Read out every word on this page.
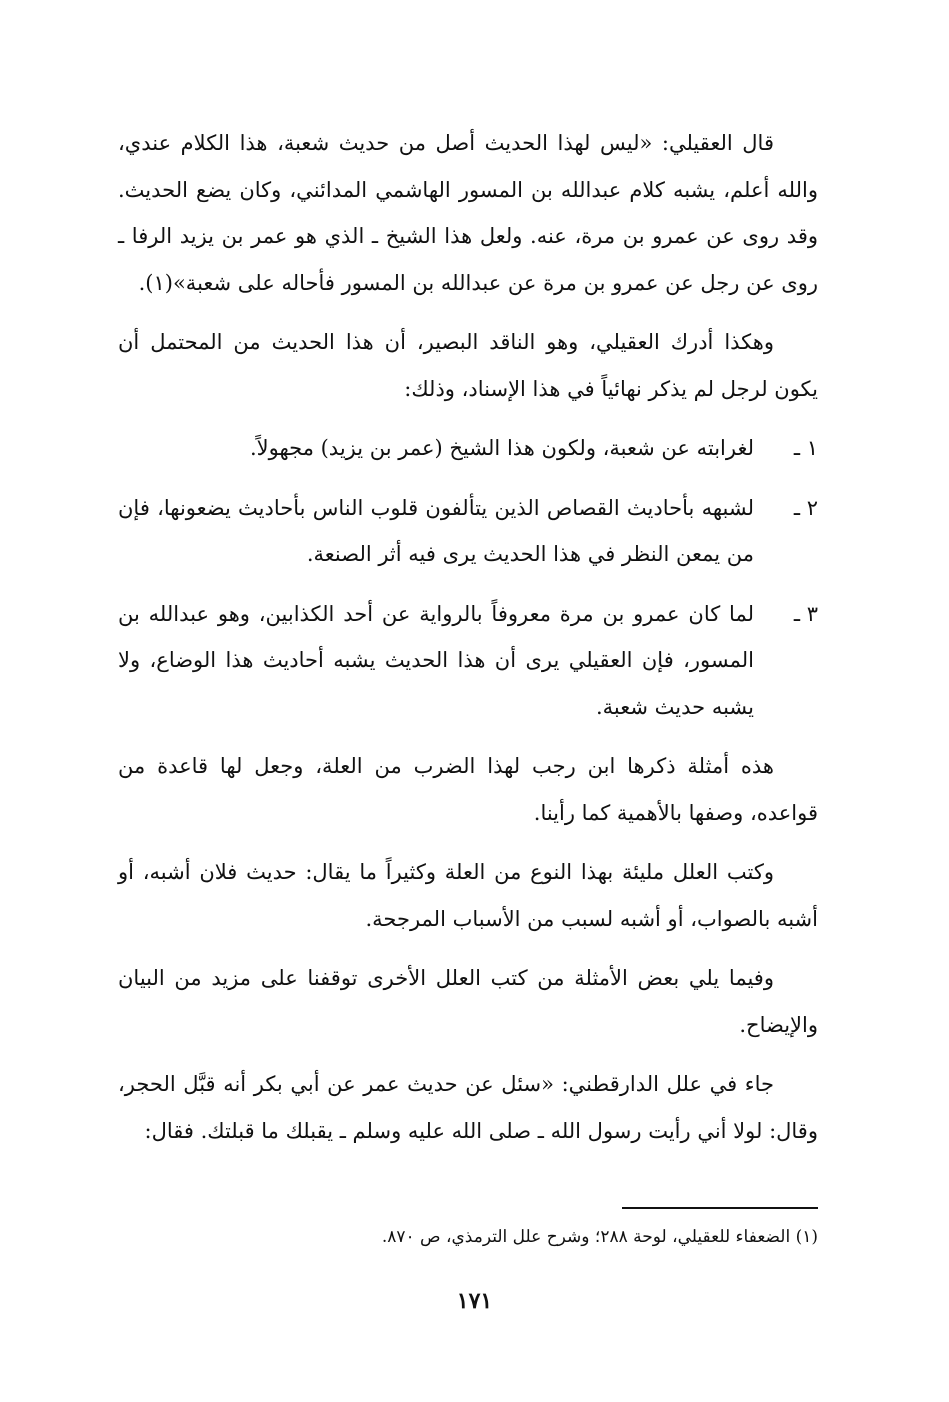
قال العقيلي: «ليس لهذا الحديث أصل من حديث شعبة، هذا الكلام عندي، والله أعلم، يشبه كلام عبدالله بن المسور الهاشمي المدائني، وكان يضع الحديث. وقد روى عن عمرو بن مرة، عنه. ولعل هذا الشيخ ـ الذي هو عمر بن يزيد الرفا ـ روى عن رجل عن عمرو بن مرة عن عبدالله بن المسور فأحاله على شعبة»(١).

وهكذا أدرك العقيلي، وهو الناقد البصير، أن هذا الحديث من المحتمل أن يكون لرجل لم يذكر نهائياً في هذا الإسناد، وذلك:

١ ـ
لغرابته عن شعبة، ولكون هذا الشيخ (عمر بن يزيد) مجهولاً.
٢ ـ
لشبهه بأحاديث القصاص الذين يتألفون قلوب الناس بأحاديث يضعونها، فإن من يمعن النظر في هذا الحديث يرى فيه أثر الصنعة.
٣ ـ
لما كان عمرو بن مرة معروفاً بالرواية عن أحد الكذابين، وهو عبدالله بن المسور، فإن العقيلي يرى أن هذا الحديث يشبه أحاديث هذا الوضاع، ولا يشبه حديث شعبة.

هذه أمثلة ذكرها ابن رجب لهذا الضرب من العلة، وجعل لها قاعدة من قواعده، وصفها بالأهمية كما رأينا.

وكتب العلل مليئة بهذا النوع من العلة وكثيراً ما يقال: حديث فلان أشبه، أو أشبه بالصواب، أو أشبه لسبب من الأسباب المرجحة.

وفيما يلي بعض الأمثلة من كتب العلل الأخرى توقفنا على مزيد من البيان والإيضاح.

جاء في علل الدارقطني: «سئل عن حديث عمر عن أبي بكر أنه قبَّل الحجر، وقال: لولا أني رأيت رسول الله ـ صلى الله عليه وسلم ـ يقبلك ما قبلتك. فقال:

(١) الضعفاء للعقيلي، لوحة ٢٨٨؛ وشرح علل الترمذي، ص ٨٧٠.
١٧١
